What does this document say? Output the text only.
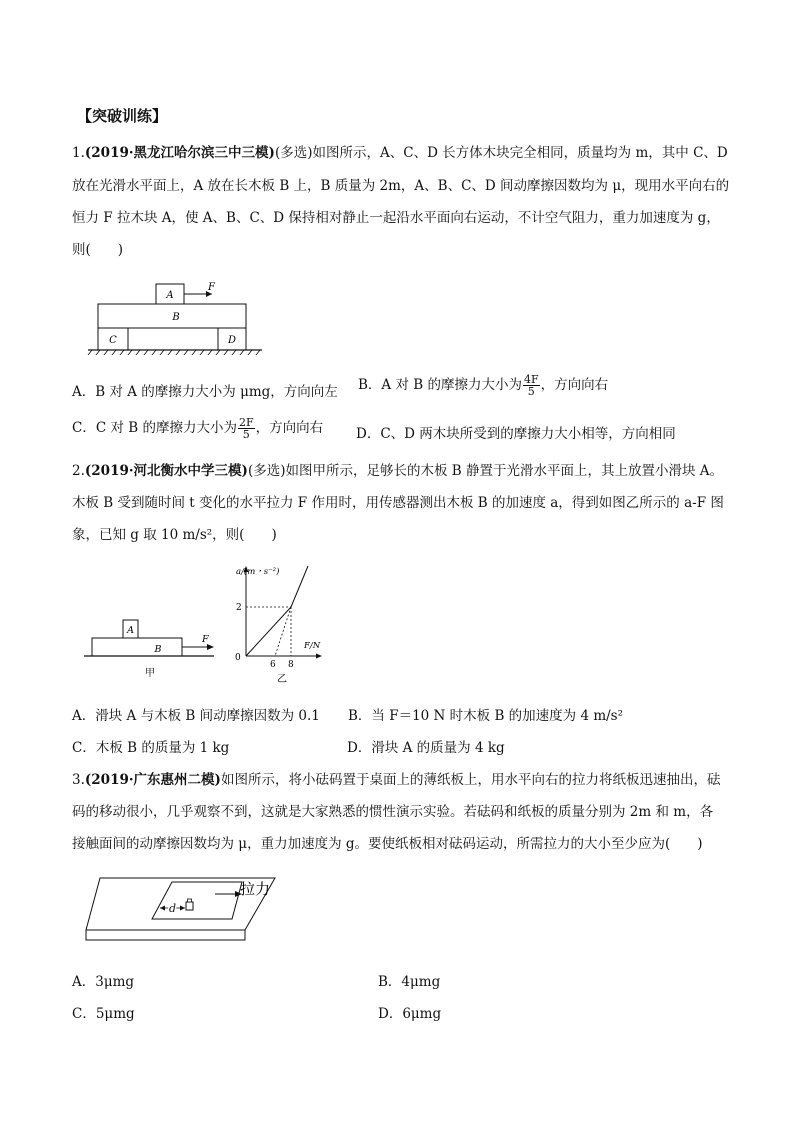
【突破训练】
1.(2019·黑龙江哈尔滨三中三模)(多选)如图所示，A、C、D 长方体木块完全相同，质量均为 m，其中 C、D
放在光滑水平面上，A 放在长木板 B 上，B 质量为 2m，A、B、C、D 间动摩擦因数均为 μ，现用水平向右的
恒力 F 拉木块 A，使 A、B、C、D 保持相对静止一起沿水平面向右运动，不计空气阻力，重力加速度为 g，
则(　　)
A
F
B
C	D
A．B 对 A 的摩擦力大小为 μmg，方向向左 B．A 对 B 的摩擦力大小为 $\frac{4F}{5}$ ，方向向右
C．C 对 B 的摩擦力大小为 $\frac{2F}{5}$ ，方向向右 D．C、D 两木块所受到的摩擦力大小相等，方向相同
2.(2019·河北衡水中学三模)(多选)如图甲所示，足够长的木板 B 静置于光滑水平面上，其上放置小滑块 A。
木板 B 受到随时间 t 变化的水平拉力 F 作用时，用传感器测出木板 B 的加速度 a，得到如图乙所示的 a-F 图
象，已知 g 取 10 m/s²，则(　　)
A
B
F
甲
a/(m・s⁻²)
F/N
2
0
6 8
乙
A．滑块 A 与木板 B 间动摩擦因数为 0.1 B．当 F＝10 N 时木板 B 的加速度为 4 m/s²
C．木板 B 的质量为 1 kg	D．滑块 A 的质量为 4 kg
3.(2019·广东惠州二模)如图所示，将小砝码置于桌面上的薄纸板上，用水平向右的拉力将纸板迅速抽出，砝
码的移动很小，几乎观察不到，这就是大家熟悉的惯性演示实验。若砝码和纸板的质量分别为 2m 和 m，各
接触面间的动摩擦因数均为 μ，重力加速度为 g。要使纸板相对砝码运动，所需拉力的大小至少应为(　　)
d
拉力
A．3μmg	B．4μmg
C．5μmg	D．6μmg
